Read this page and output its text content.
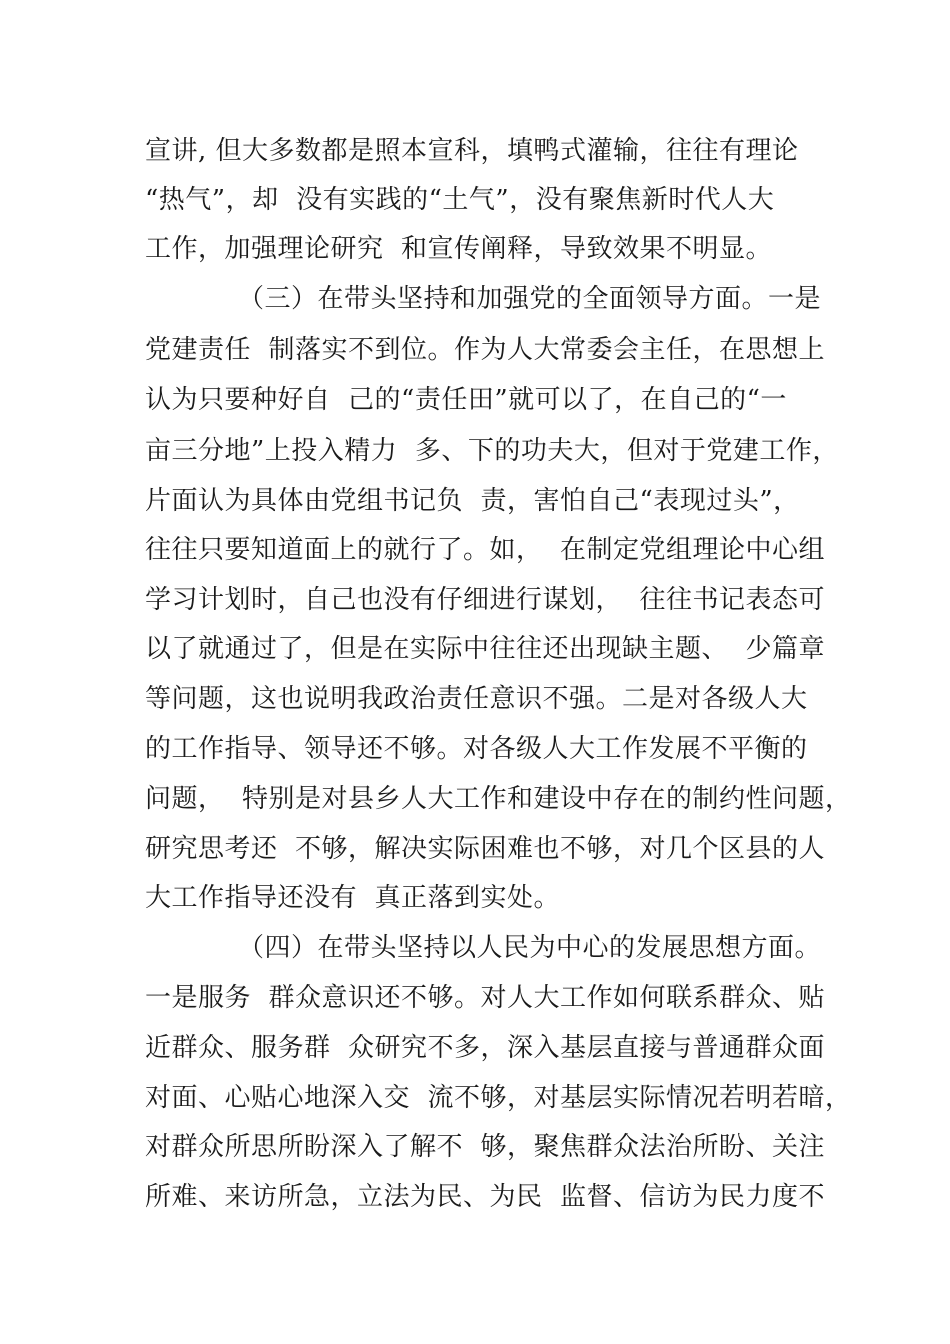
宣讲, 但大多数都是照本宣科，填鸭式灌输，往往有理论

“热气”，却  没有实践的“土气”，没有聚焦新时代人大

工作，加强理论研究  和宣传阐释，导致效果不明显。

（三）在带头坚持和加强党的全面领导方面。一是

党建责任  制落实不到位。作为人大常委会主任，在思想上

认为只要种好自  己的“责任田”就可以了，在自己的“一

亩三分地”上投入精力  多、下的功夫大，但对于党建工作，

片面认为具体由党组书记负  责，害怕自己“表现过头”，

往往只要知道面上的就行了。如，  在制定党组理论中心组

学习计划时，自己也没有仔细进行谋划，  往往书记表态可

以了就通过了，但是在实际中往往还出现缺主题、  少篇章

等问题，这也说明我政治责任意识不强。二是对各级人大

的工作指导、领导还不够。对各级人大工作发展不平衡的

问题，  特别是对县乡人大工作和建设中存在的制约性问题，

研究思考还  不够，解决实际困难也不够，对几个区县的人

大工作指导还没有  真正落到实处。

（四）在带头坚持以人民为中心的发展思想方面。

一是服务  群众意识还不够。对人大工作如何联系群众、贴

近群众、服务群  众研究不多，深入基层直接与普通群众面

对面、心贴心地深入交  流不够，对基层实际情况若明若暗，

对群众所思所盼深入了解不  够，聚焦群众法治所盼、关注

所难、来访所急，立法为民、为民  监督、信访为民力度不
